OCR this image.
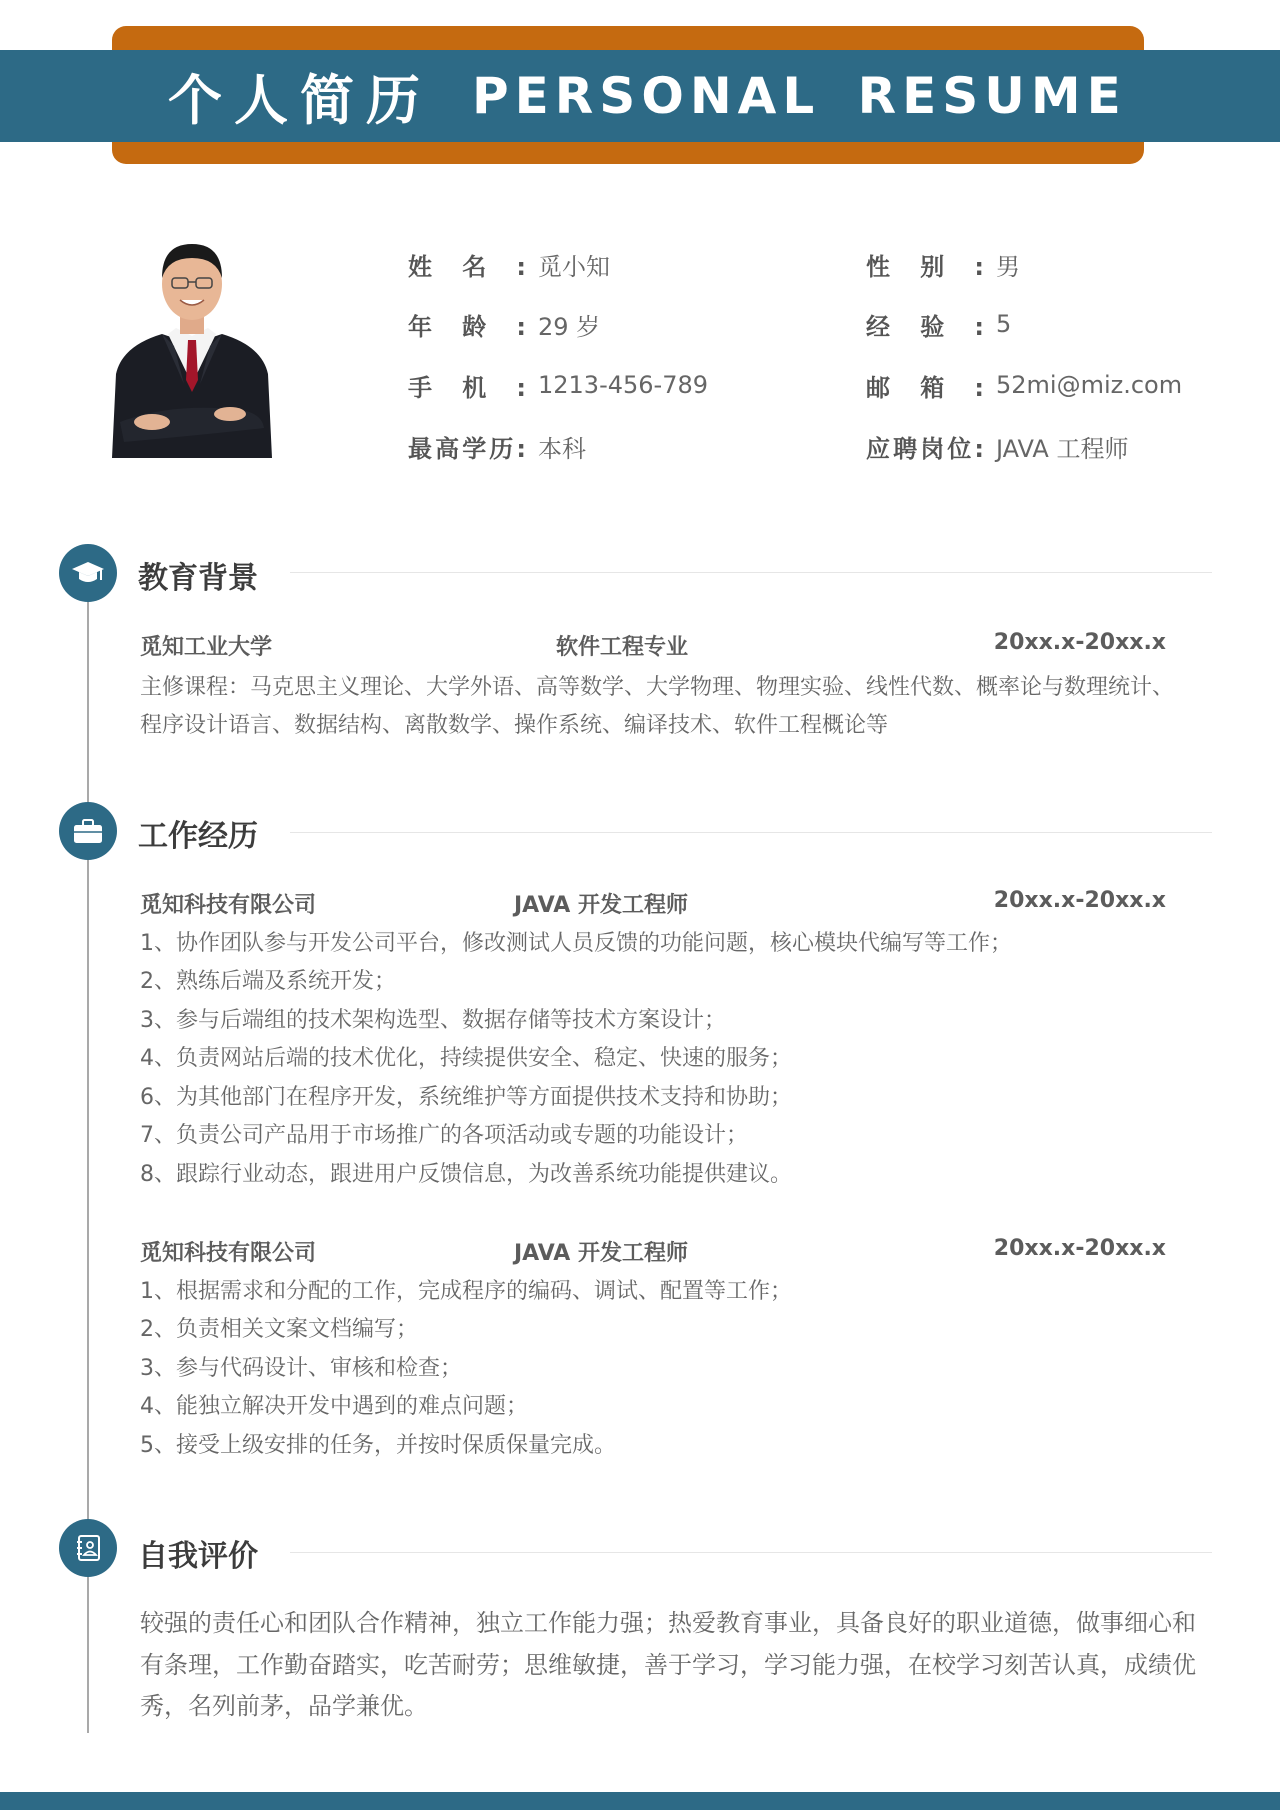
个人简历 PERSONAL RESUME
姓名: 觅小知	性别: 男
年龄: 29 岁	经验: 5
手机: 1213-456-789	邮箱: 52mi@miz.com
最高学历: 本科	应聘岗位: JAVA 工程师
教育背景
觅知工业大学	软件工程专业	20xx.x-20xx.x
主修课程：马克思主义理论、大学外语、高等数学、大学物理、物理实验、线性代数、概率论与数理统计、
程序设计语言、数据结构、离散数学、操作系统、编译技术、软件工程概论等
工作经历
觅知科技有限公司	JAVA 开发工程师	20xx.x-20xx.x
1、协作团队参与开发公司平台，修改测试人员反馈的功能问题，核心模块代编写等工作；
2、熟练后端及系统开发；
3、参与后端组的技术架构选型、数据存储等技术方案设计；
4、负责网站后端的技术优化，持续提供安全、稳定、快速的服务；
6、为其他部门在程序开发，系统维护等方面提供技术支持和协助；
7、负责公司产品用于市场推广的各项活动或专题的功能设计；
8、跟踪行业动态，跟进用户反馈信息，为改善系统功能提供建议。
觅知科技有限公司	JAVA 开发工程师	20xx.x-20xx.x
1、根据需求和分配的工作，完成程序的编码、调试、配置等工作；
2、负责相关文案文档编写；
3、参与代码设计、审核和检查；
4、能独立解决开发中遇到的难点问题；
5、接受上级安排的任务，并按时保质保量完成。
自我评价
较强的责任心和团队合作精神，独立工作能力强；热爱教育事业，具备良好的职业道德，做事细心和
有条理，工作勤奋踏实，吃苦耐劳；思维敏捷，善于学习，学习能力强，在校学习刻苦认真，成绩优
秀，名列前茅，品学兼优。
